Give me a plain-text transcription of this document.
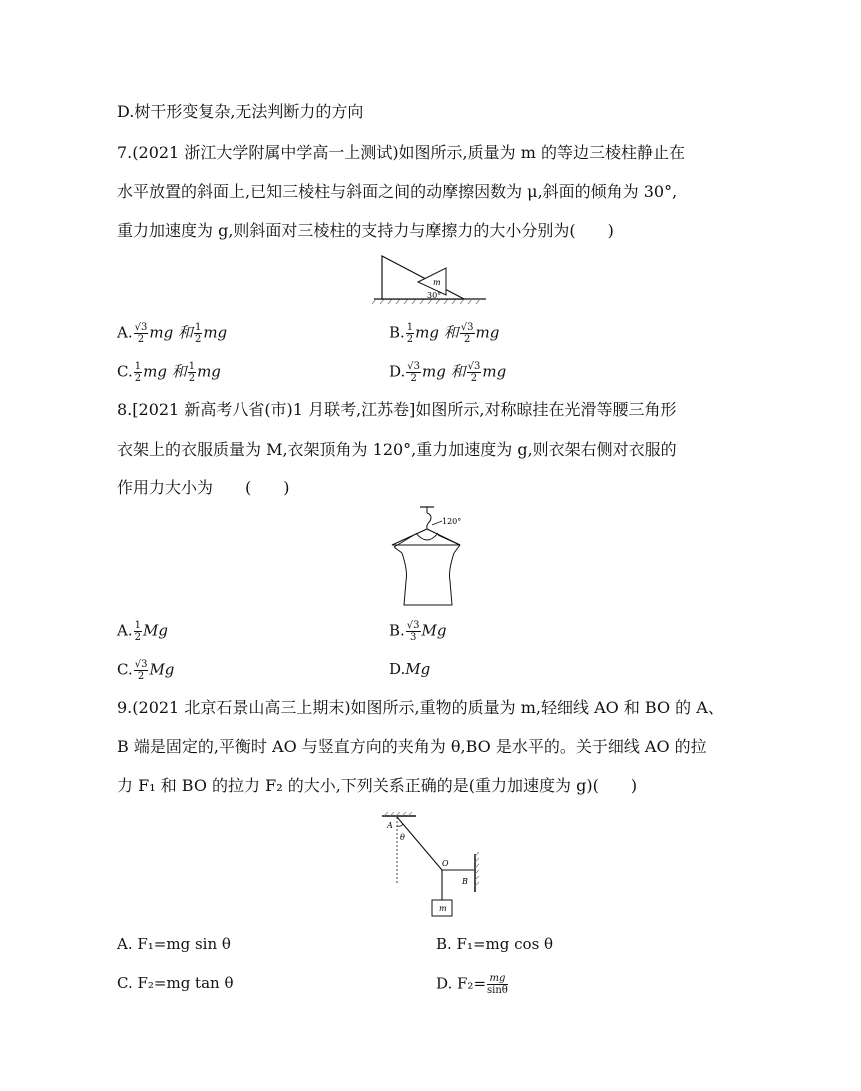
D.树干形变复杂,无法判断力的方向
7.(2021 浙江大学附属中学高一上测试)如图所示,质量为 m 的等边三棱柱静止在
水平放置的斜面上,已知三棱柱与斜面之间的动摩擦因数为 μ,斜面的倾角为 30°,
重力加速度为 g,则斜面对三棱柱的支持力与摩擦力的大小分别为(　　)
m
30°
A. $\frac{√3}{2}$ mg 和 $\frac{1}{2}$ mg	B. $\frac{1}{2}$ mg 和 $\frac{√3}{2}$ mg
C. $\frac{1}{2}$ mg 和 $\frac{1}{2}$ mg	D. $\frac{√3}{2}$ mg 和 $\frac{√3}{2}$ mg
8.[2021 新高考八省(市)1 月联考,江苏卷]如图所示,对称晾挂在光滑等腰三角形
衣架上的衣服质量为 M,衣架顶角为 120°,重力加速度为 g,则衣架右侧对衣服的
作用力大小为　　(　　)
120°
A. $\frac{1}{2}$ Mg	B. $\frac{√3}{3}$ Mg
C. $\frac{√3}{2}$ Mg	D.Mg
9.(2021 北京石景山高三上期末)如图所示,重物的质量为 m,轻细线 AO 和 BO 的 A、
B 端是固定的,平衡时 AO 与竖直方向的夹角为 θ,BO 是水平的。关于细线 AO 的拉
力 F₁ 和 BO 的拉力 F₂ 的大小,下列关系正确的是(重力加速度为 g)(　　)
A
θ
O
B
m
A. F₁=mg sin θ	B. F₁=mg cos θ
C. F₂=mg tan θ	D. $F_2= \frac{mg}{\sin\theta}$
